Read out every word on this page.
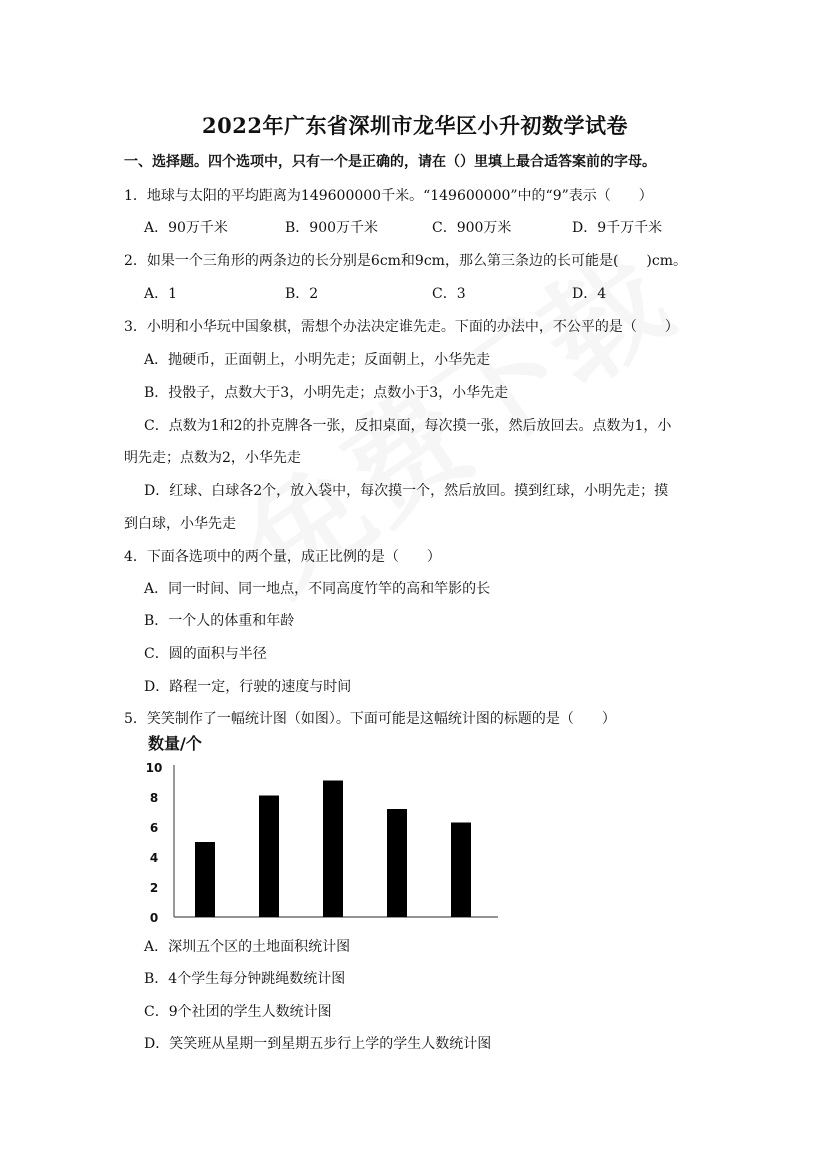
2022年广东省深圳市龙华区小升初数学试卷
一、选择题。四个选项中，只有一个是正确的，请在（）里填上最合适答案前的字母。
1．地球与太阳的平均距离为149600000千米。“149600000”中的“9”表示（　　）
A．90万千米	B．900万千米	C．900万米	D．9千万千米
2．如果一个三角形的两条边的长分别是6cm和9cm，那么第三条边的长可能是(　　)cm。
A．1	B．2	C．3	D．4
3．小明和小华玩中国象棋，需想个办法决定谁先走。下面的办法中，不公平的是（　　）
A．抛硬币，正面朝上，小明先走；反面朝上，小华先走
B．投骰子，点数大于3，小明先走；点数小于3，小华先走
C．点数为1和2的扑克牌各一张，反扣桌面，每次摸一张，然后放回去。点数为1，小
明先走；点数为2，小华先走
D．红球、白球各2个，放入袋中，每次摸一个，然后放回。摸到红球，小明先走；摸
到白球，小华先走
4．下面各选项中的两个量，成正比例的是（　　）
A．同一时间、同一地点，不同高度竹竿的高和竿影的长
B．一个人的体重和年龄
C．圆的面积与半径
D．路程一定，行驶的速度与时间
5．笑笑制作了一幅统计图（如图）。下面可能是这幅统计图的标题的是（　　）
数量/个
0
2
4
6
8
10
A．深圳五个区的土地面积统计图
B．4个学生每分钟跳绳数统计图
C．9个社团的学生人数统计图
D．笑笑班从星期一到星期五步行上学的学生人数统计图
